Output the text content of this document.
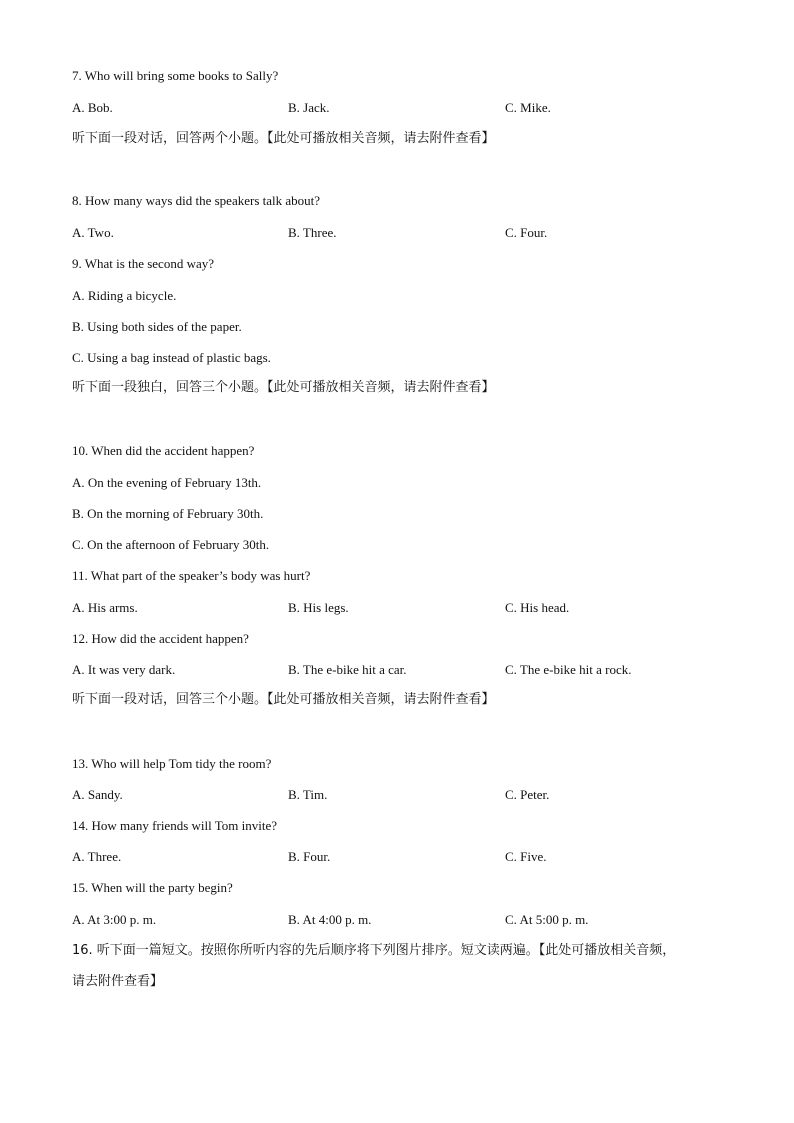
7. Who will bring some books to Sally?
A. Bob.	B. Jack.	C. Mike.
听下面一段对话，回答两个小题。【此处可播放相关音频，请去附件查看】
8. How many ways did the speakers talk about?
A. Two.	B. Three.	C. Four.
9. What is the second way?
A. Riding a bicycle.
B. Using both sides of the paper.
C. Using a bag instead of plastic bags.
听下面一段独白，回答三个小题。【此处可播放相关音频，请去附件查看】
10. When did the accident happen?
A. On the evening of February 13th.
B. On the morning of February 30th.
C. On the afternoon of February 30th.
11. What part of the speaker’s body was hurt?
A. His arms.	B. His legs.	C. His head.
12. How did the accident happen?
A. It was very dark.	B. The e-bike hit a car.	C. The e-bike hit a rock.
听下面一段对话，回答三个小题。【此处可播放相关音频，请去附件查看】
13. Who will help Tom tidy the room?
A. Sandy.	B. Tim.	C. Peter.
14. How many friends will Tom invite?
A. Three.	B. Four.	C. Five.
15. When will the party begin?
A. At 3:00 p. m.	B. At 4:00 p. m.	C. At 5:00 p. m.
16. 听下面一篇短文。按照你所听内容的先后顺序将下列图片排序。短文读两遍。【此处可播放相关音频，
请去附件查看】
